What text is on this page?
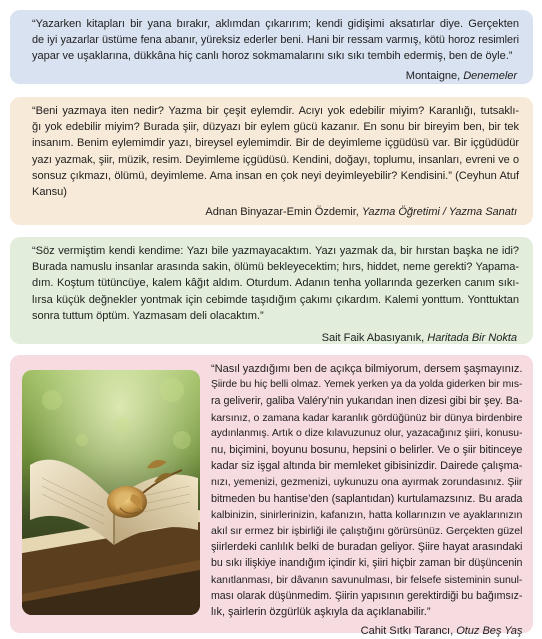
“Yazarken kitapları bir yana bırakır, aklımdan çıkarırım; kendi gidişimi aksatırlar diye. Gerçekten
de iyi yazarlar üstüme fena abanır, yüreksiz ederler beni. Hani bir ressam varmış, kötü horoz resimleri
yapar ve uşaklarına, dükkâna hiç canlı horoz sokmamalarını sıkı sıkı tembih edermiş, ben de öyle.”

Montaigne, Denemeler

“Beni yazmaya iten nedir? Yazma bir çeşit eylemdir. Acıyı yok edebilir miyim? Karanlığı, tutsaklı-
ğı yok edebilir miyim? Burada şiir, düzyazı bir eylem gücü kazanır. En sonu bir bireyim ben, bir tek
insanım. Benim eylemimdir yazı, bireysel eylemimdir. Bir de deyimleme içgüdüsü var. Bir içgüdüdür
yazı yazmak, şiir, müzik, resim. Deyimleme içgüdüsü. Kendini, doğayı, toplumu, insanları, evreni ve o
sonsuz çıkmazı, ölümü, deyimleme. Ama insan en çok neyi deyimleyebilir? Kendisini.” (Ceyhun Atuf
Kansu)

Adnan Binyazar-Emin Özdemir, Yazma Öğretimi / Yazma Sanatı

“Söz vermiştim kendi kendime: Yazı bile yazmayacaktım. Yazı yazmak da, bir hırstan başka ne idi?
Burada namuslu insanlar arasında sakin, ölümü bekleyecektim; hırs, hiddet, neme gerekti? Yapama-
dım. Koştum tütüncüye, kalem kâğıt aldım. Oturdum. Adanın tenha yollarında gezerken canım sıkı-
lırsa küçük değnekler yontmak için cebimde taşıdığım çakımı çıkardım. Kalemi yonttum. Yonttuktan
sonra tuttum öptüm. Yazmasam deli olacaktım.”

Sait Faik Abasıyanık, Haritada Bir Nokta

“Nasıl yazdığımı ben de açıkça bilmiyorum, dersem şaşmayınız.
Şiirde bu hiç belli olmaz. Yemek yerken ya da yolda giderken bir mıs-
ra geliverir, galiba Valéry’nin yukarıdan inen dizesi gibi bir şey. Ba-
karsınız, o zamana kadar karanlık gördüğünüz bir dünya birdenbire
aydınlanmış. Artık o dize kılavuzunuz olur, yazacağınız şiiri, konusu-
nu, biçimini, boyunu bosunu, hepsini o belirler. Ve o şiir bitinceye
kadar siz işgal altında bir memleket gibisinizdir. Dairede çalışma-
nızı, yemenizi, gezmenizi, uykunuzu ona ayırmak zorundasınız. Şiir
bitmeden bu hantise’den (saplantıdan) kurtulamazsınız. Bu arada
kalbinizin, sinirlerinizin, kafanızın, hatta kollarınızın ve ayaklarınızın
akıl sır ermez bir işbirliği ile çalıştığını görürsünüz. Gerçekten güzel
şiirlerdeki canlılık belki de buradan geliyor. Şiire hayat arasındaki
bu sıkı ilişkiye inandığım içindir ki, şiiri hiçbir zaman bir düşüncenin
kanıtlanması, bir dâvanın savunulması, bir felsefe sisteminin sunul-
ması olarak düşünmedim. Şiirin yapısının gerektirdiği bu bağımsız-
lık, şairlerin özgürlük aşkıyla da açıklanabilir.”

Cahit Sıtkı Tarancı, Otuz Beş Yaş
